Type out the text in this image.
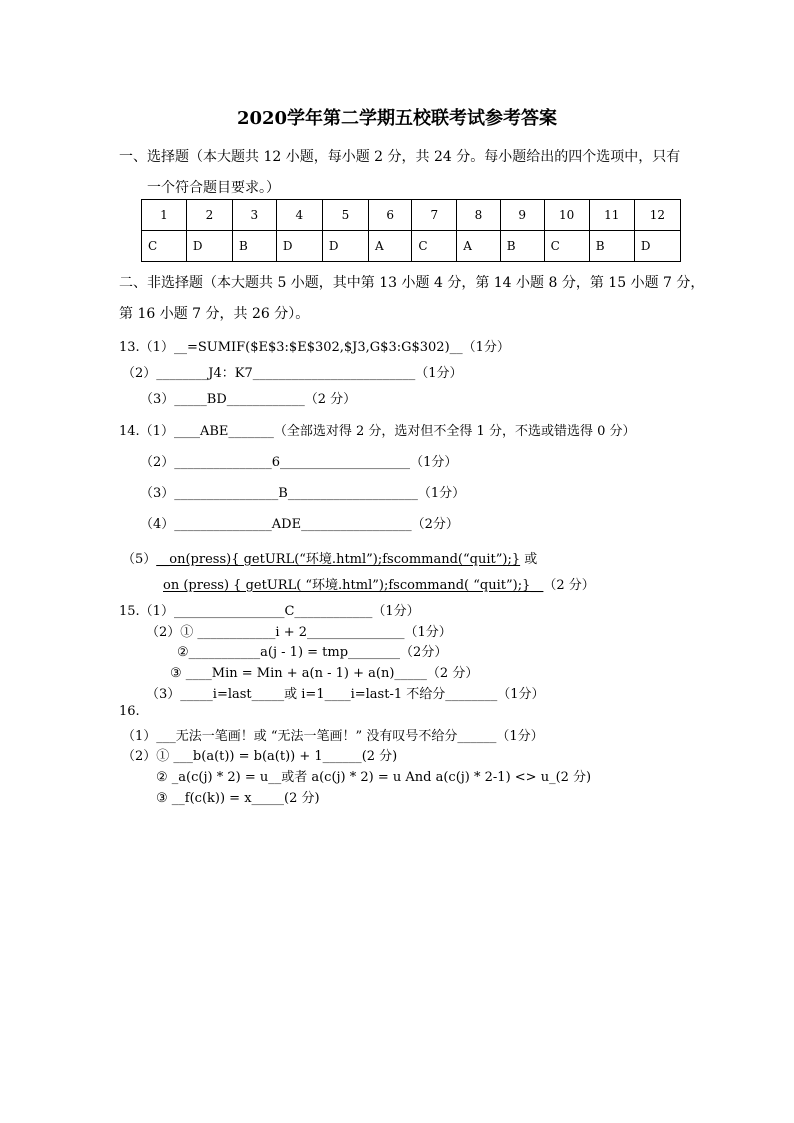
2020学年第二学期五校联考试参考答案
一、选择题（本大题共 12 小题，每小题 2 分，共 24 分。每小题给出的四个选项中，只有
一个符合题目要求。）
1	2	3	4	5	6	7	8	9	10	11	12
C	D	B	D	D	A	C	A	B	C	B	D
二、非选择题（本大题共 5 小题，其中第 13 小题 4 分，第 14 小题 8 分，第 15 小题 7 分，
第 16 小题 7 分，共 26 分）。
13.（1）__=SUMIF($E$3:$E$302,$J3,G$3:G$302)__（1分）
（2）________J4：K7_________________________（1分）
（3）_____BD____________（2 分）
14.（1）____ABE_______（全部选对得 2 分，选对但不全得 1 分，不选或错选得 0 分）
（2）_______________6____________________（1分）
（3）________________B____________________（1分）
（4）_______________ADE_________________（2分）
（5）__on(press){ getURL(“环境.html”);fscommand(“quit”);} 或
on (press) { getURL( “环境.html”);fscommand( “quit”);}__（2 分）
15.（1）_________________C____________（1分）
（2）① ____________i + 2_______________（1分）
②___________a(j - 1) = tmp________（2分）
③ ____Min = Min + a(n - 1) + a(n)_____（2 分）
（3）_____i=last_____或 i=1____i=last-1 不给分________（1分）
16.
（1）___无法一笔画！或 “无法一笔画！” 没有叹号不给分______（1分）
（2）① ___b(a(t)) = b(a(t)) + 1______(2 分)
② _a(c(j) * 2) = u__或者 a(c(j) * 2) = u And a(c(j) * 2-1) <> u_(2 分)
③ __f(c(k)) = x_____(2 分)
